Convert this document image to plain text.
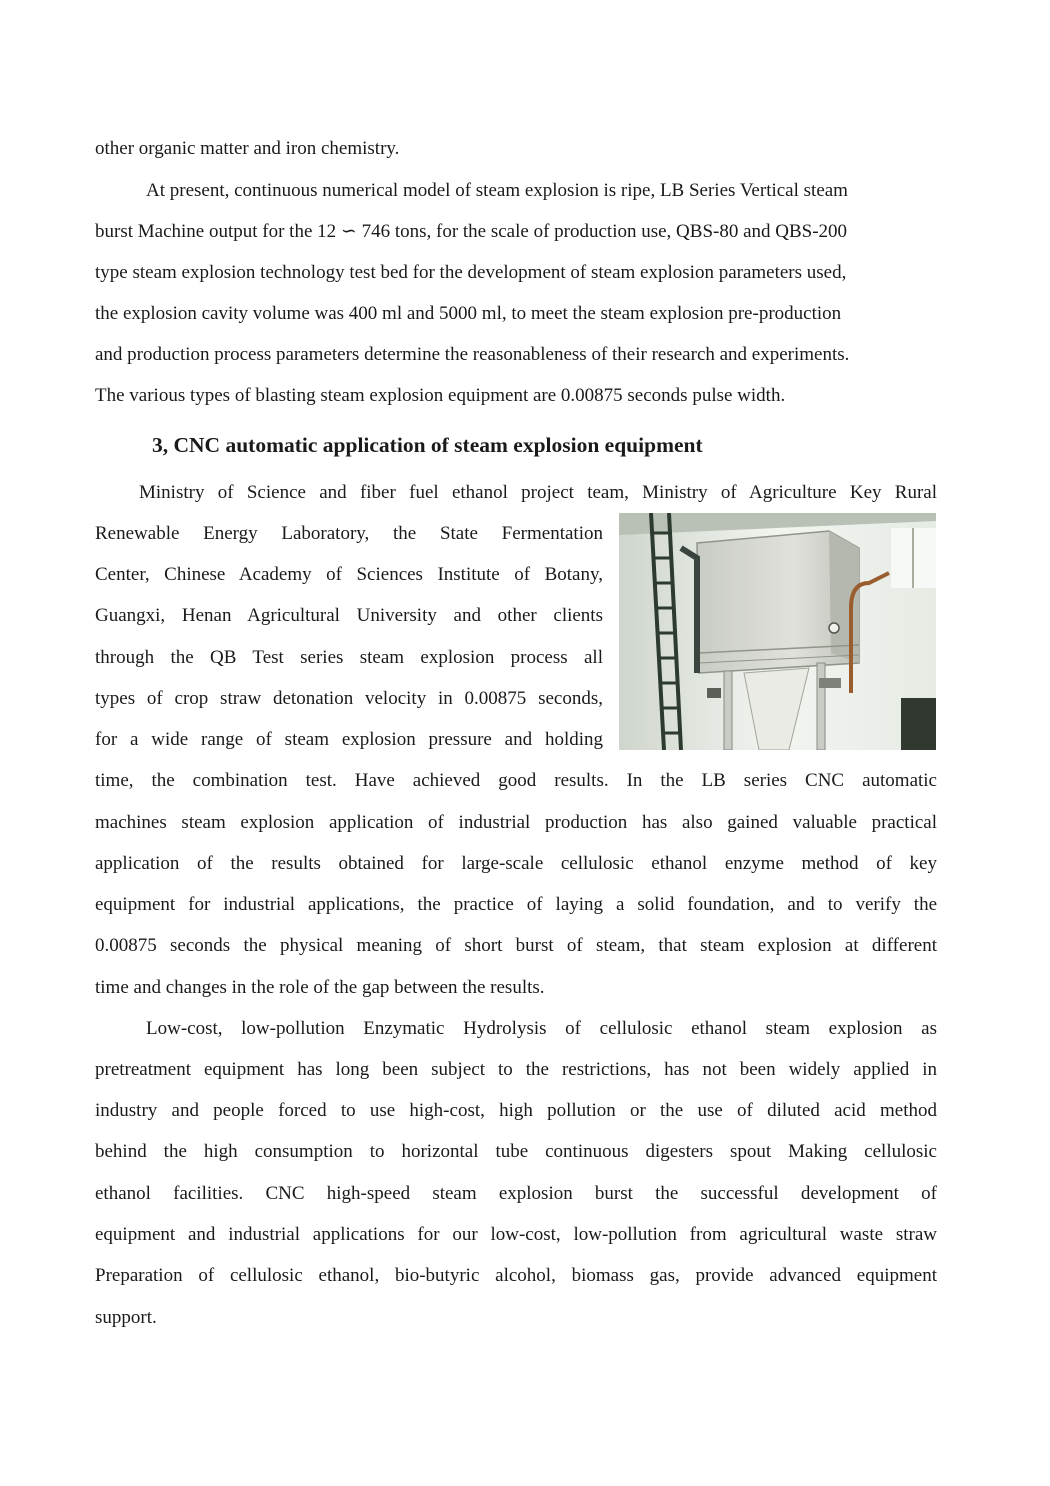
other organic matter and iron chemistry.
At present, continuous numerical model of steam explosion is ripe, LB Series Vertical steam
burst Machine output for the 12 ∽ 746 tons, for the scale of production use, QBS-80 and QBS-200
type steam explosion technology test bed for the development of steam explosion parameters used,
the explosion cavity volume was 400 ml and 5000 ml, to meet the steam explosion pre-production
and production process parameters determine the reasonableness of their research and experiments.
The various types of blasting steam explosion equipment are 0.00875 seconds pulse width.
3, CNC automatic application of steam explosion equipment
Ministry of Science and fiber fuel ethanol project team, Ministry of Agriculture Key Rural
Renewable Energy Laboratory, the State Fermentation
Center, Chinese Academy of Sciences Institute of Botany,
Guangxi, Henan Agricultural University and other clients
through the QB Test series steam explosion process all
types of crop straw detonation velocity in 0.00875 seconds,
for a wide range of steam explosion pressure and holding
time, the combination test. Have achieved good results. In the LB series CNC automatic
machines steam explosion application of industrial production has also gained valuable practical
application of the results obtained for large-scale cellulosic ethanol enzyme method of key
equipment for industrial applications, the practice of laying a solid foundation, and to verify the
0.00875 seconds the physical meaning of short burst of steam, that steam explosion at different
time and changes in the role of the gap between the results.
Low-cost, low-pollution Enzymatic Hydrolysis of cellulosic ethanol steam explosion as
pretreatment equipment has long been subject to the restrictions, has not been widely applied in
industry and people forced to use high-cost, high pollution or the use of diluted acid method
behind the high consumption to horizontal tube continuous digesters spout Making cellulosic
ethanol facilities. CNC high-speed steam explosion burst the successful development of
equipment and industrial applications for our low-cost, low-pollution from agricultural waste straw
Preparation of cellulosic ethanol, bio-butyric alcohol, biomass gas, provide advanced equipment
support.
